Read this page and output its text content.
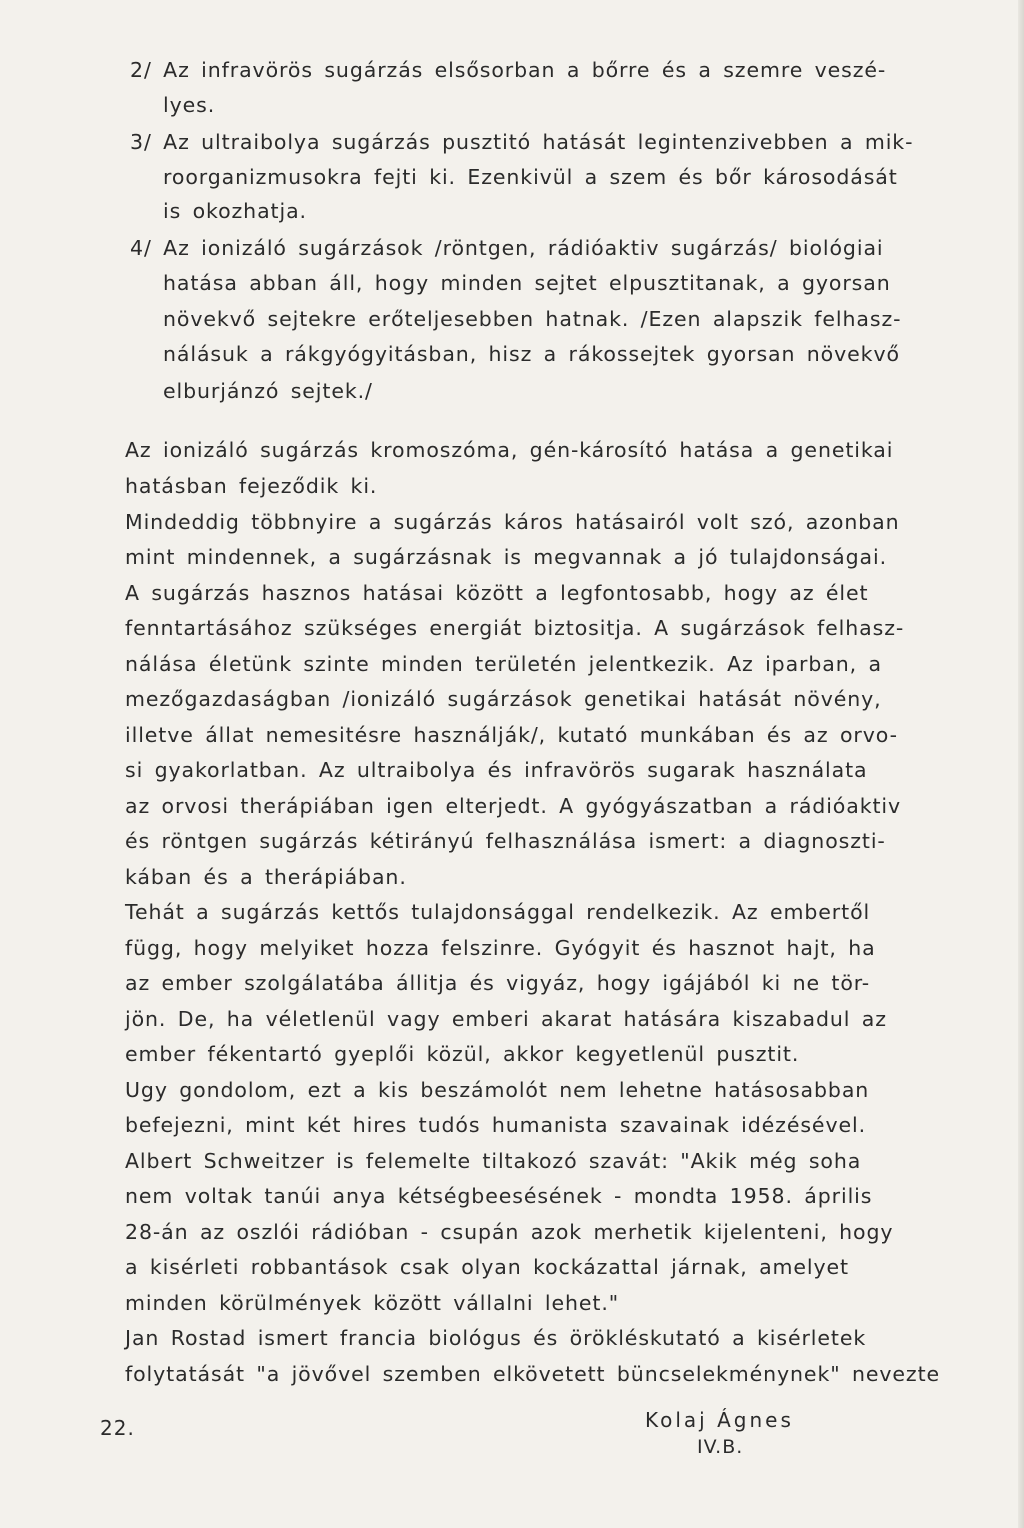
2/ Az infravörös sugárzás elsősorban a bőrre és a szemre veszé-
lyes.
3/ Az ultraibolya sugárzás pusztitó hatását legintenzivebben a mik-
roorganizmusokra fejti ki. Ezenkivül a szem és bőr károsodását
is okozhatja.
4/ Az ionizáló sugárzások /röntgen, rádióaktiv sugárzás/ biológiai
hatása abban áll, hogy minden sejtet elpusztitanak, a gyorsan
növekvő sejtekre erőteljesebben hatnak. /Ezen alapszik felhasz-
nálásuk a rákgyógyitásban, hisz a rákossejtek gyorsan növekvő
elburjánzó sejtek./
Az ionizáló sugárzás kromoszóma, gén-károsító hatása a genetikai
hatásban fejeződik ki.
Mindeddig többnyire a sugárzás káros hatásairól volt szó, azonban
mint mindennek, a sugárzásnak is megvannak a jó tulajdonságai.
A sugárzás hasznos hatásai között a legfontosabb, hogy az élet
fenntartásához szükséges energiát biztositja. A sugárzások felhasz-
nálása életünk szinte minden területén jelentkezik. Az iparban, a
mezőgazdaságban /ionizáló sugárzások genetikai hatását növény,
illetve állat nemesitésre használják/, kutató munkában és az orvo-
si gyakorlatban. Az ultraibolya és infravörös sugarak használata
az orvosi therápiában igen elterjedt. A gyógyászatban a rádióaktiv
és röntgen sugárzás kétirányú felhasználása ismert: a diagnoszti-
kában és a therápiában.
Tehát a sugárzás kettős tulajdonsággal rendelkezik. Az embertől
függ, hogy melyiket hozza felszinre. Gyógyit és hasznot hajt, ha
az ember szolgálatába állitja és vigyáz, hogy igájából ki ne tör-
jön. De, ha véletlenül vagy emberi akarat hatására kiszabadul az
ember fékentartó gyeplői közül, akkor kegyetlenül pusztit.
Ugy gondolom, ezt a kis beszámolót nem lehetne hatásosabban
befejezni, mint két hires tudós humanista szavainak idézésével.
Albert Schweitzer is felemelte tiltakozó szavát: "Akik még soha
nem voltak tanúi anya kétségbeesésének - mondta 1958. április
28-án az oszlói rádióban - csupán azok merhetik kijelenteni, hogy
a kisérleti robbantások csak olyan kockázattal járnak, amelyet
minden körülmények között vállalni lehet."
Jan Rostad ismert francia biológus és örökléskutató a kisérletek
folytatását "a jövővel szemben elkövetett büncselekménynek" nevezte
22.	Kolaj Ágnes
IV.B.
